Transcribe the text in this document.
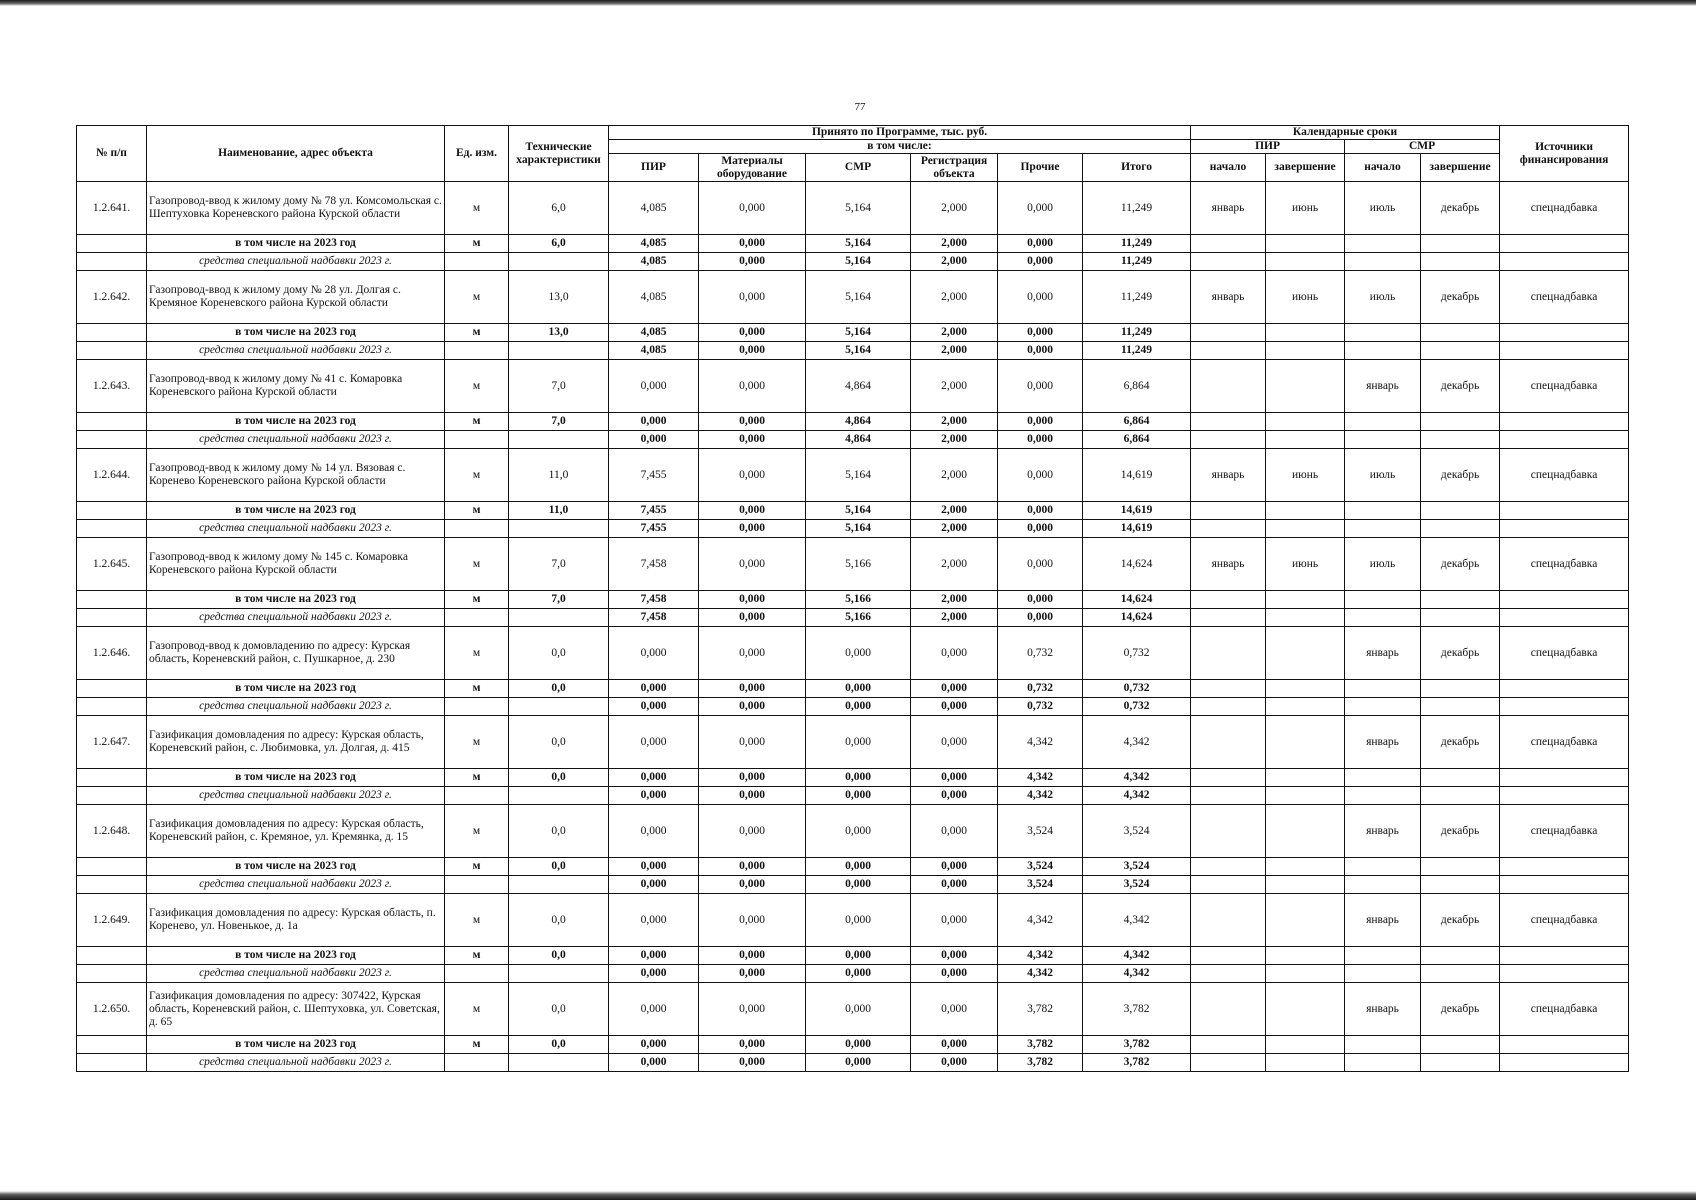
77
№ п/п	Наименование, адрес объекта	Ед. изм.	Технические характеристики	Принято по Программе, тыс. руб.						Календарные сроки				Источники финансирования
				в том числе:						ПИР		СМР		
				ПИР	Материалы оборудование	СМР	Регистрация объекта	Прочие	Итого	начало	завершение	начало	завершение	
1.2.641.	Газопровод-ввод к жилому дому № 78 ул. Комсомольская с. Шептуховка Кореневского района Курской области	м	6,0	4,085	0,000	5,164	2,000	0,000	11,249	январь	июнь	июль	декабрь	спецнадбавка
	в том числе на 2023 год	м	6,0	4,085	0,000	5,164	2,000	0,000	11,249					
	средства специальной надбавки 2023 г.			4,085	0,000	5,164	2,000	0,000	11,249					
1.2.642.	Газопровод-ввод к жилому дому № 28 ул. Долгая с. Кремяное Кореневского района Курской области	м	13,0	4,085	0,000	5,164	2,000	0,000	11,249	январь	июнь	июль	декабрь	спецнадбавка
	в том числе на 2023 год	м	13,0	4,085	0,000	5,164	2,000	0,000	11,249					
	средства специальной надбавки 2023 г.			4,085	0,000	5,164	2,000	0,000	11,249					
1.2.643.	Газопровод-ввод к жилому дому № 41 с. Комаровка Кореневского района Курской области	м	7,0	0,000	0,000	4,864	2,000	0,000	6,864			январь	декабрь	спецнадбавка
	в том числе на 2023 год	м	7,0	0,000	0,000	4,864	2,000	0,000	6,864					
	средства специальной надбавки 2023 г.			0,000	0,000	4,864	2,000	0,000	6,864					
1.2.644.	Газопровод-ввод к жилому дому № 14 ул. Вязовая с. Коренево Кореневского района Курской области	м	11,0	7,455	0,000	5,164	2,000	0,000	14,619	январь	июнь	июль	декабрь	спецнадбавка
	в том числе на 2023 год	м	11,0	7,455	0,000	5,164	2,000	0,000	14,619					
	средства специальной надбавки 2023 г.			7,455	0,000	5,164	2,000	0,000	14,619					
1.2.645.	Газопровод-ввод к жилому дому № 145 с. Комаровка Кореневского района Курской области	м	7,0	7,458	0,000	5,166	2,000	0,000	14,624	январь	июнь	июль	декабрь	спецнадбавка
	в том числе на 2023 год	м	7,0	7,458	0,000	5,166	2,000	0,000	14,624					
	средства специальной надбавки 2023 г.			7,458	0,000	5,166	2,000	0,000	14,624					
1.2.646.	Газопровод-ввод к домовладению по адресу: Курская область, Кореневский район, с. Пушкарное, д. 230	м	0,0	0,000	0,000	0,000	0,000	0,732	0,732			январь	декабрь	спецнадбавка
	в том числе на 2023 год	м	0,0	0,000	0,000	0,000	0,000	0,732	0,732					
	средства специальной надбавки 2023 г.			0,000	0,000	0,000	0,000	0,732	0,732					
1.2.647.	Газификация домовладения по адресу: Курская область, Кореневский район, с. Любимовка, ул. Долгая, д. 415	м	0,0	0,000	0,000	0,000	0,000	4,342	4,342			январь	декабрь	спецнадбавка
	в том числе на 2023 год	м	0,0	0,000	0,000	0,000	0,000	4,342	4,342					
	средства специальной надбавки 2023 г.			0,000	0,000	0,000	0,000	4,342	4,342					
1.2.648.	Газификация домовладения по адресу: Курская область, Кореневский район, с. Кремяное, ул. Кремянка, д. 15	м	0,0	0,000	0,000	0,000	0,000	3,524	3,524			январь	декабрь	спецнадбавка
	в том числе на 2023 год	м	0,0	0,000	0,000	0,000	0,000	3,524	3,524					
	средства специальной надбавки 2023 г.			0,000	0,000	0,000	0,000	3,524	3,524					
1.2.649.	Газификация домовладения по адресу: Курская область, п. Коренево, ул. Новенькое, д. 1а	м	0,0	0,000	0,000	0,000	0,000	4,342	4,342			январь	декабрь	спецнадбавка
	в том числе на 2023 год	м	0,0	0,000	0,000	0,000	0,000	4,342	4,342					
	средства специальной надбавки 2023 г.			0,000	0,000	0,000	0,000	4,342	4,342					
1.2.650.	Газификация домовладения по адресу: 307422, Курская область, Кореневский район, с. Шептуховка, ул. Советская, д. 65	м	0,0	0,000	0,000	0,000	0,000	3,782	3,782			январь	декабрь	спецнадбавка
	в том числе на 2023 год	м	0,0	0,000	0,000	0,000	0,000	3,782	3,782					
	средства специальной надбавки 2023 г.			0,000	0,000	0,000	0,000	3,782	3,782					
